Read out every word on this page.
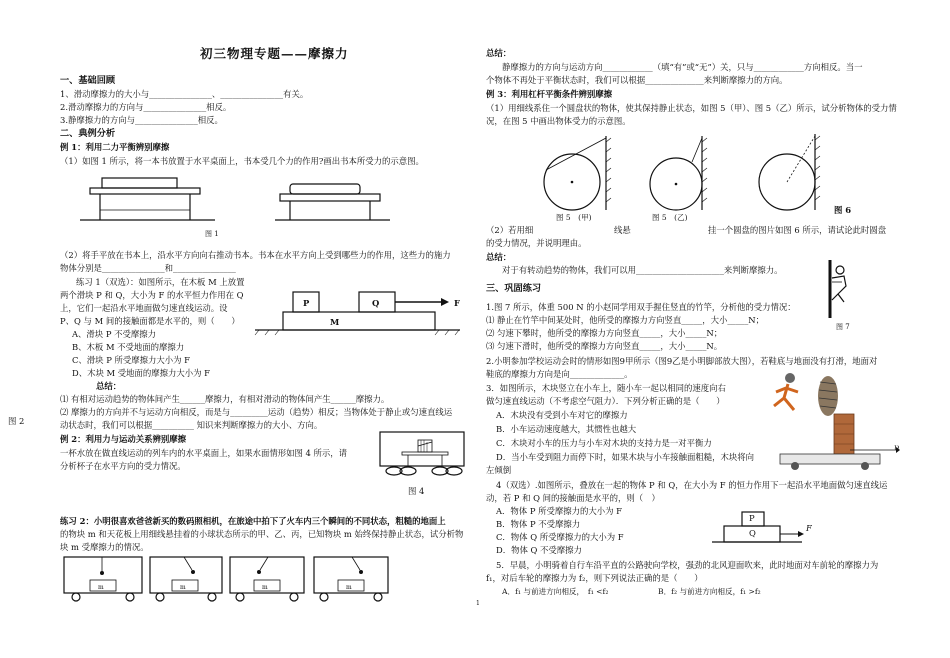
初三物理专题——摩擦力
一、基础回顾
1、滑动摩擦力的大小与_______________、_______________有关。
2.滑动摩擦力的方向与_______________相反。
3.静摩擦力的方向与_______________相反。
二、典例分析
例 1：利用二力平衡辨别摩擦
（1）如图 1 所示，将一本书放置于水平桌面上，书本受几个力的作用?画出书本所受力的示意图。
图 1
（2）将手平放在书本上，沿水平方向向右推动书本。书本在水平方向上受到哪些力的作用，这些力的施力
物体分别是_______________和_______________
练习 1（双选）：如图所示，在木板 M 上放置
两个滑块 P 和 Q，大小为 F 的水平恒力作用在 Q
上，它们一起沿水平地面做匀速直线运动。设
P、Q 与 M 间的接触面都是水平的，则（　　）
A、滑块 P 不受摩擦力
B、木板 M 不受地面的摩擦力
C、滑块 P 所受摩擦力大小为 F
D、木块 M 受地面的摩擦力大小为 F
P	Q
M
F
总结：
⑴ 有相对运动趋势的物体间产生______摩擦力，有相对滑动的物体间产生______摩擦力。
⑵ 摩擦力的方向并不与运动方向相反，而是与_________运动（趋势）相反；当物体处于静止或匀速直线运
动状态时，我们可以根据__________ 知识来判断摩擦力的大小、方向。
图 2
例 2：利用力与运动关系辨别摩擦
一杯水放在做直线运动的列车内的水平桌面上，如果水面情形如图 4 所示，请
分析杯子在水平方向的受力情况。
图 4
练习 2：小明很喜欢爸爸新买的数码照相机，在旅途中拍下了火车内三个瞬间的不同状态，粗糙的地面上
的物块 m 和天花板上用细线悬挂着的小球状态所示的甲、乙、丙，已知物块 m 始终保持静止状态，试分析物
块 m 受摩擦力的情况。
m	m	m	m
总结：
静摩擦力的方向与运动方向____________（填“有”或“无”）关，只与____________方向相反。当一
个物体不再处于平衡状态时，我们可以根据______________来判断摩擦力的方向。
例 3：利用杠杆平衡条件辨别摩擦
（1）用细线系住一个圆盘状的物体，使其保持静止状态，如图 5（甲）、图 5（乙）所示，试分析物体的受力情
况，在图 5 中画出物体受力的示意图。
图 5　(甲)	图 5　(乙)
图 6
（2）若用细	线悬	挂一个圆盘的图片如图 6 所示，请试论此时圆盘
的受力情况，并说明理由。
总结：
对于有转动趋势的物体，我们可以用_____________________来判断摩擦力。
三、巩固练习
1.图 7 所示，体重 500 N 的小赵同学用双手握住竖直的竹竿，分析他的受力情况：
⑴ 静止在竹竿中间某处时，他所受的摩擦力方向竖直_____，大小_____N；
⑵ 匀速下攀时，他所受的摩擦力方向竖直_____，大小_____N；
⑶ 匀速下滑时，他所受的摩擦力方向竖直_____，大小_____N。
图 7
2.小明参加学校运动会时的情形如图9甲所示（图9乙是小明脚部放大图），若鞋底与地面没有打滑，地面对
鞋底的摩擦力方向是向_____________。
3．如图所示，木块竖立在小车上，随小车一起以相同的速度向右
做匀速直线运动（不考虑空气阻力）．下列分析正确的是（　　）
A．木块没有受到小车对它的摩擦力
B．小车运动速度越大，其惯性也越大
C．木块对小车的压力与小车对木块的支持力是一对平衡力
D．当小车受到阻力而停下时，如果木块与小车接触面粗糙，木块将向
左倾倒
υ
4（双选）.如图所示，叠放在一起的物体 P 和 Q，在大小为 F 的恒力作用下一起沿水平地面做匀速直线运
动，若 P 和 Q 间的接触面是水平的，则（　）
A．物体 P 所受摩擦力的大小为 F
B．物体 P 不受摩擦力
C．物体 Q 所受摩擦力的大小为 F
D．物体 Q 不受摩擦力
P
Q	F
5．早晨，小明骑着自行车沿平直的公路驶向学校，强劲的北风迎面吹来，此时地面对车前轮的摩擦力为
f₁，对后车轮的摩擦力为 f₂，则下列说法正确的是（　　）
A．f₁ 与前进方向相反，　f₁ <f₂	B．f₂ 与前进方向相反，f₁ >f₂
1
